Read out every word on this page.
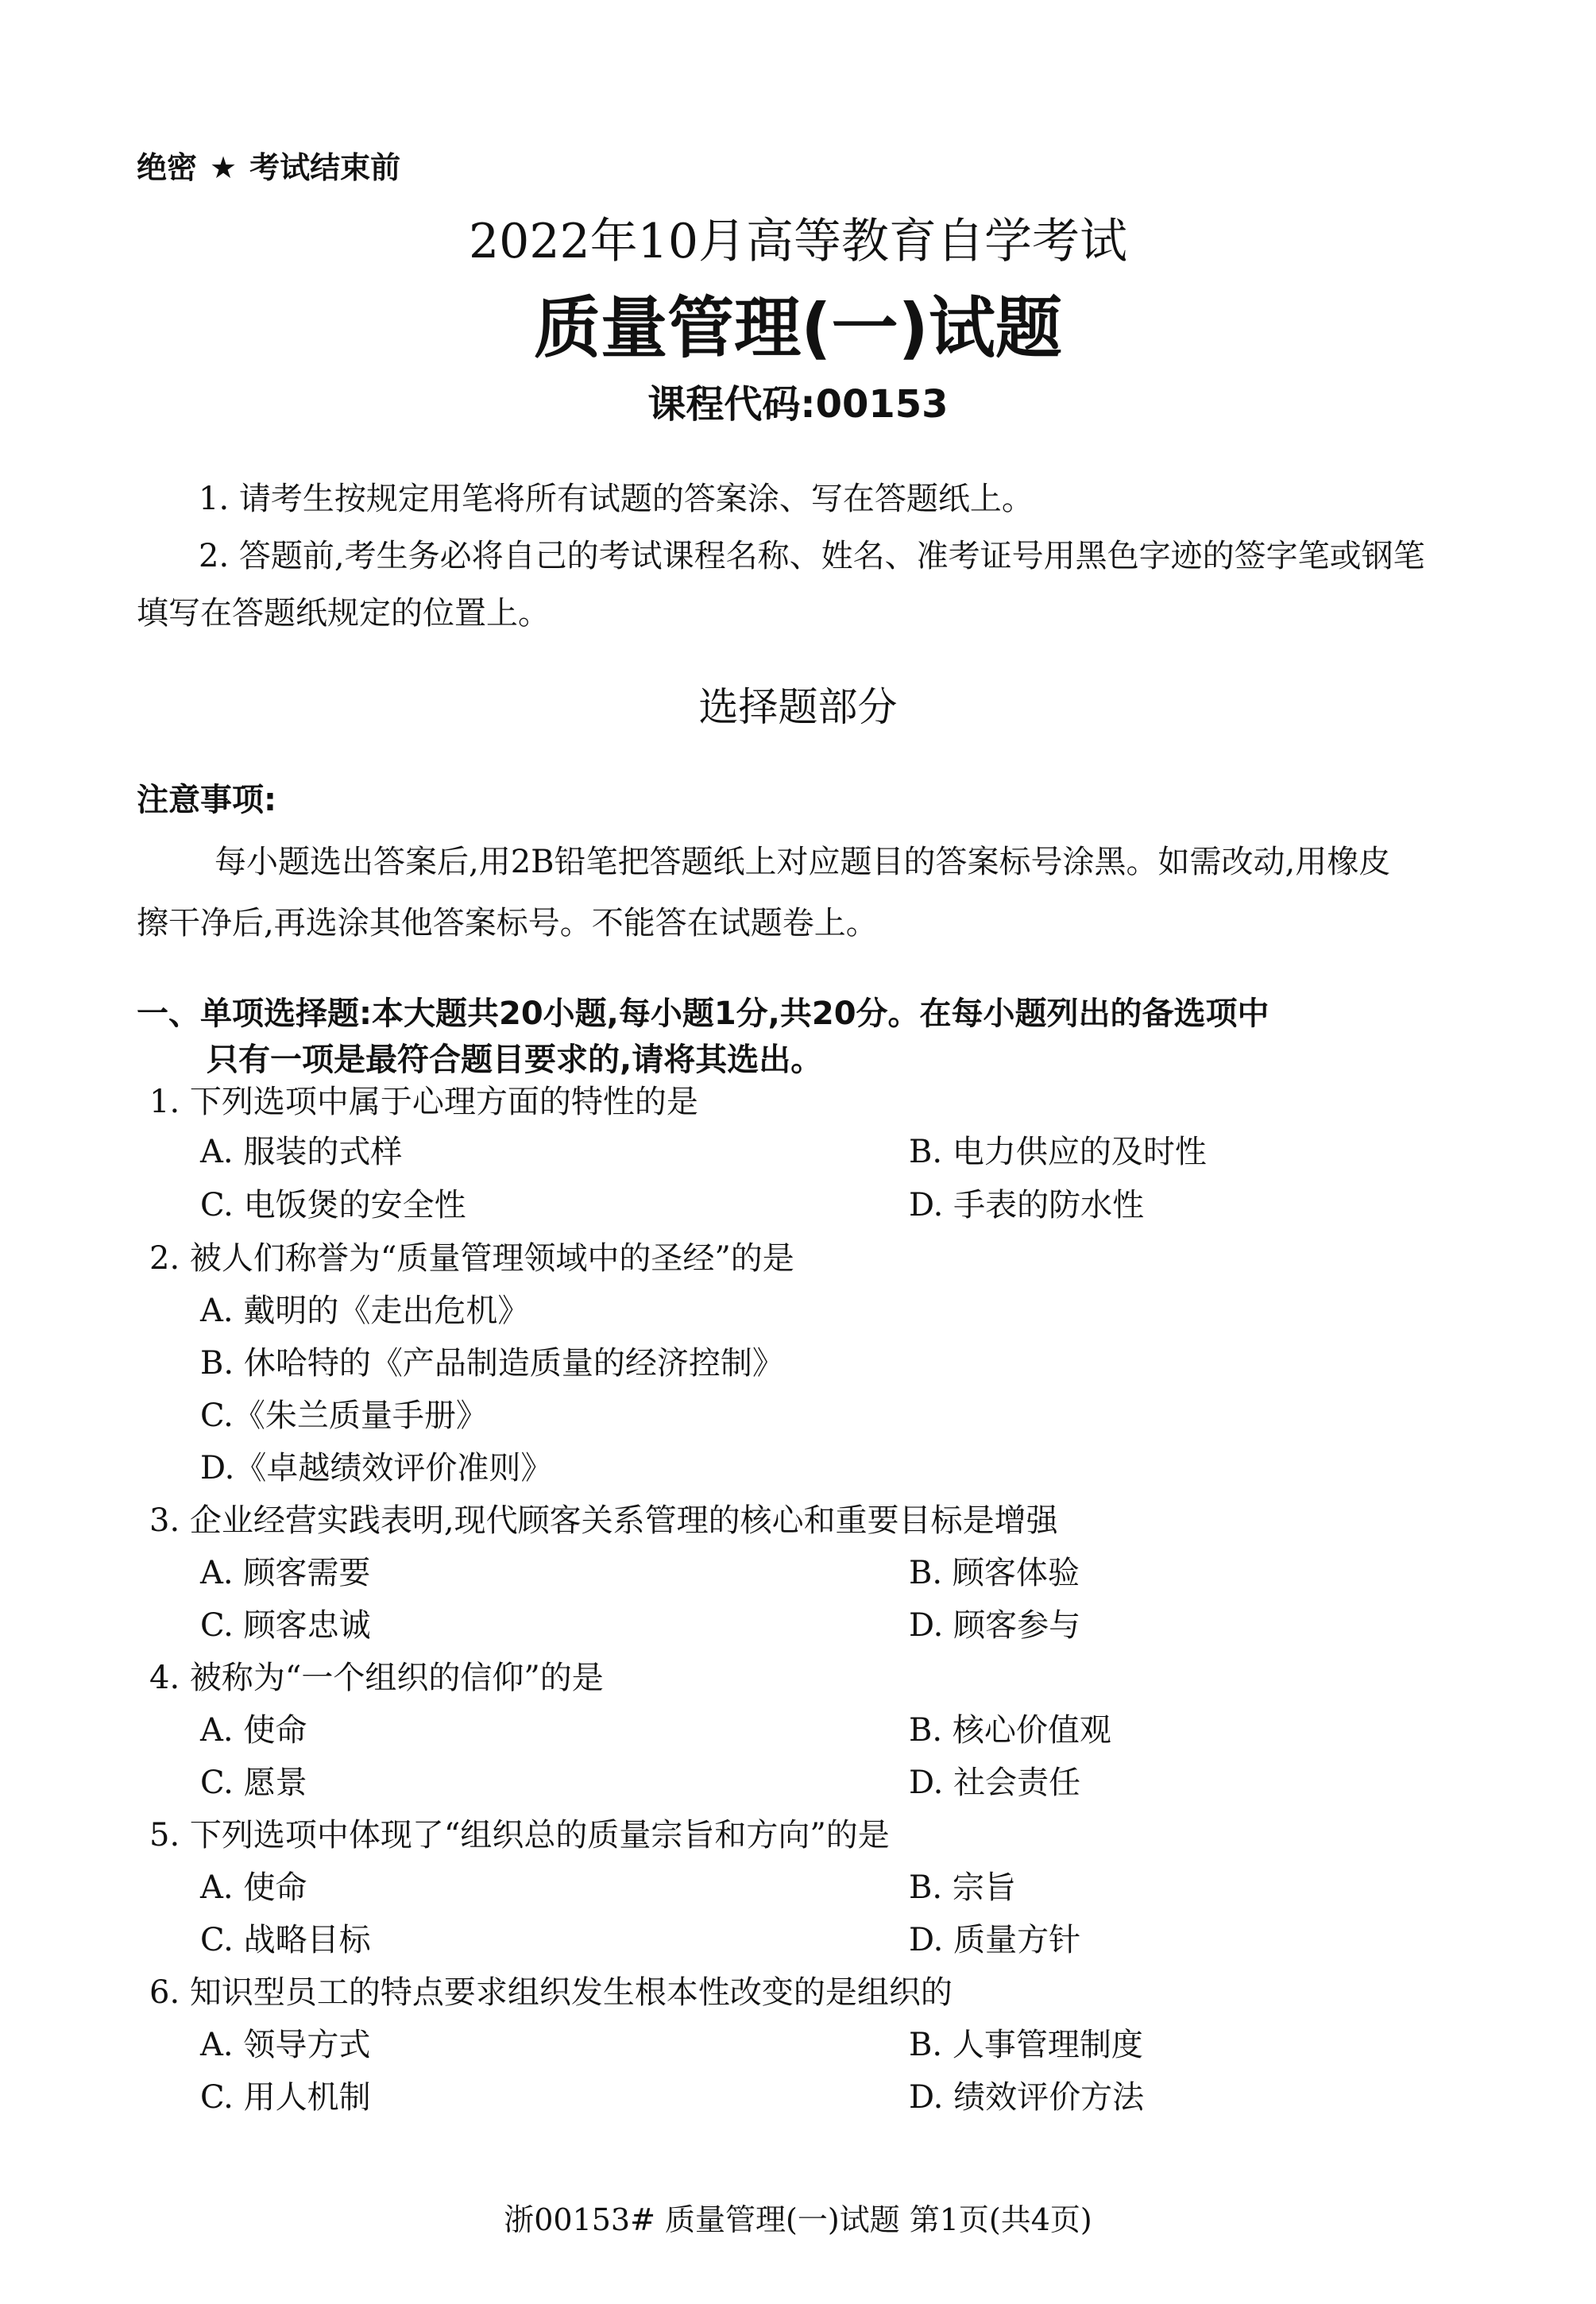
绝密 ★ 考试结束前
2022年10月高等教育自学考试
质量管理(一)试题
课程代码:00153
1. 请考生按规定用笔将所有试题的答案涂、写在答题纸上。
2. 答题前,考生务必将自己的考试课程名称、姓名、准考证号用黑色字迹的签字笔或钢笔
填写在答题纸规定的位置上。
选择题部分
注意事项:
每小题选出答案后,用2B铅笔把答题纸上对应题目的答案标号涂黑。如需改动,用橡皮
擦干净后,再选涂其他答案标号。不能答在试题卷上。
一、单项选择题:本大题共20小题,每小题1分,共20分。在每小题列出的备选项中
只有一项是最符合题目要求的,请将其选出。
1. 下列选项中属于心理方面的特性的是
A. 服装的式样	B. 电力供应的及时性
C. 电饭煲的安全性	D. 手表的防水性
2. 被人们称誉为“质量管理领域中的圣经”的是
A. 戴明的《走出危机》
B. 休哈特的《产品制造质量的经济控制》
C.《朱兰质量手册》
D.《卓越绩效评价准则》
3. 企业经营实践表明,现代顾客关系管理的核心和重要目标是增强
A. 顾客需要	B. 顾客体验
C. 顾客忠诚	D. 顾客参与
4. 被称为“一个组织的信仰”的是
A. 使命	B. 核心价值观
C. 愿景	D. 社会责任
5. 下列选项中体现了“组织总的质量宗旨和方向”的是
A. 使命	B. 宗旨
C. 战略目标	D. 质量方针
6. 知识型员工的特点要求组织发生根本性改变的是组织的
A. 领导方式	B. 人事管理制度
C. 用人机制	D. 绩效评价方法
浙00153# 质量管理(一)试题 第1页(共4页)
